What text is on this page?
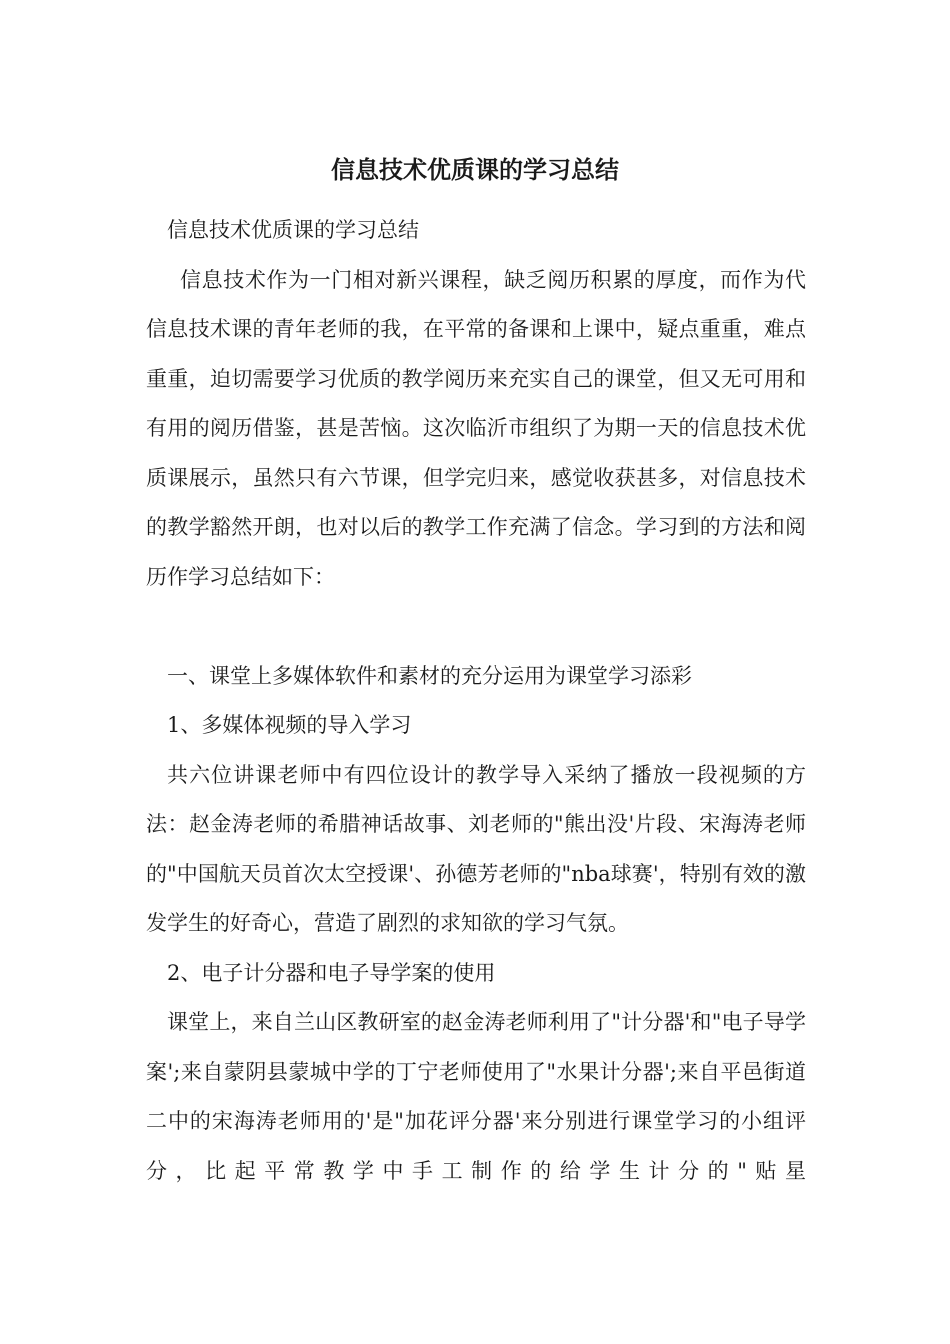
信息技术优质课的学习总结

信息技术优质课的学习总结

信息技术作为一门相对新兴课程，缺乏阅历积累的厚度，而作为代信息技术课的青年老师的我，在平常的备课和上课中，疑点重重，难点重重，迫切需要学习优质的教学阅历来充实自己的课堂，但又无可用和有用的阅历借鉴，甚是苦恼。这次临沂市组织了为期一天的信息技术优质课展示，虽然只有六节课，但学完归来，感觉收获甚多，对信息技术的教学豁然开朗，也对以后的教学工作充满了信念。学习到的方法和阅历作学习总结如下：

一、课堂上多媒体软件和素材的充分运用为课堂学习添彩

1、多媒体视频的导入学习

共六位讲课老师中有四位设计的教学导入采纳了播放一段视频的方法：赵金涛老师的希腊神话故事、刘老师的"熊出没'片段、宋海涛老师的"中国航天员首次太空授课'、孙德芳老师的"nba球赛'，特别有效的激发学生的好奇心，营造了剧烈的求知欲的学习气氛。

2、电子计分器和电子导学案的使用

课堂上，来自兰山区教研室的赵金涛老师利用了"计分器'和"电子导学案';来自蒙阴县蒙城中学的丁宁老师使用了"水果计分器';来自平邑街道二中的宋海涛老师用的'是"加花评分器'来分别进行课堂学习的小组评分，比起平常教学中手工制作的给学生计分的"贴星
